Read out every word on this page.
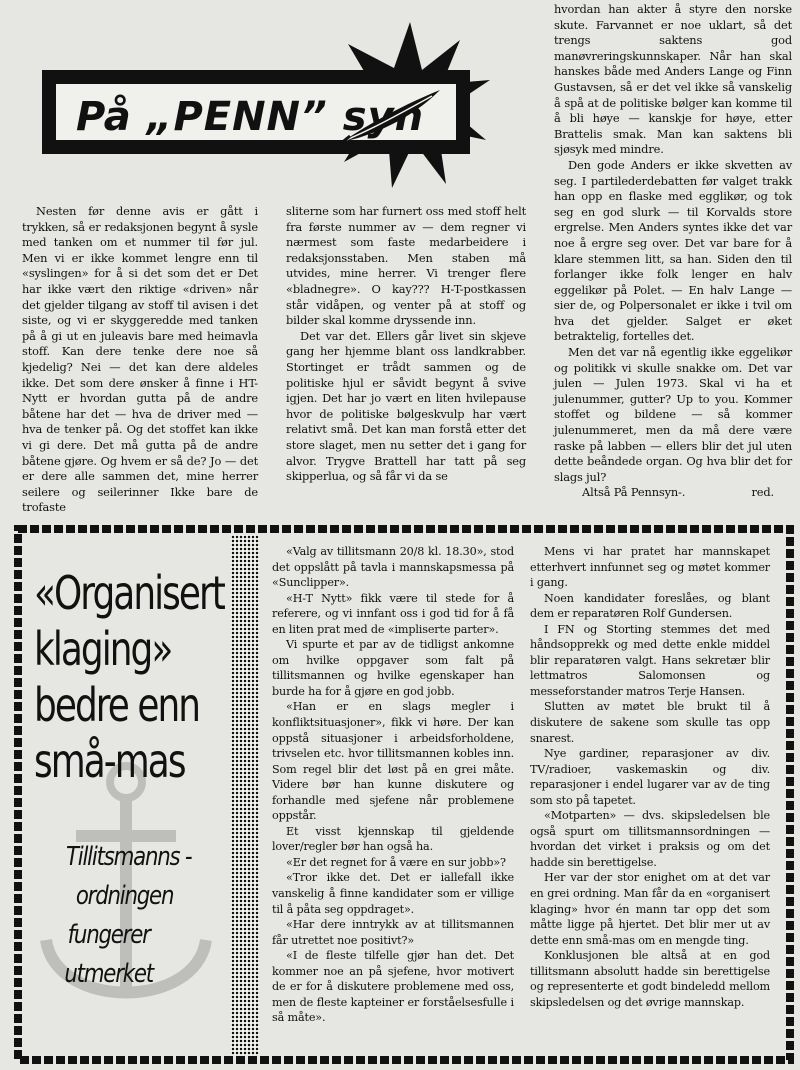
På „PENN” syn

Nesten før denne avis er gått i trykken, så er redaksjonen begynt å sysle med tanken om et nummer til før jul. Men vi er ikke kommet lengre enn til «syslingen» for å si det som det er Det har ikke vært den riktige «driven» når det gjelder tilgang av stoff til avisen i det siste, og vi er skyggeredde med tanken på å gi ut en juleavis bare med heimavla stoff. Kan dere tenke dere noe så kjedelig? Nei — det kan dere aldeles ikke. Det som dere ønsker å finne i HT-Nytt er hvordan gutta på de andre båtene har det — hva de driver med — hva de tenker på. Og det stoffet kan ikke vi gi dere. Det må gutta på de andre båtene gjøre. Og hvem er så de? Jo — det er dere alle sammen det, mine herrer seilere og seilerinner Ikke bare de trofaste

sliterne som har furnert oss med stoff helt fra første nummer av — dem regner vi nærmest som faste medarbeidere i redaksjonsstaben. Men staben må utvides, mine herrer. Vi trenger flere «bladnegre». O kay??? H-T-postkassen står vidåpen, og venter på at stoff og bilder skal komme dryssende inn.

Det var det. Ellers går livet sin skjeve gang her hjemme blant oss landkrabber. Stortinget er trådt sammen og de politiske hjul er såvidt begynt å svive igjen. Det har jo vært en liten hvilepause hvor de politiske bølgeskvulp har vært relativt små. Det kan man forstå etter det store slaget, men nu setter det i gang for alvor. Trygve Brattell har tatt på seg skipperlua, og så får vi da se

hvordan han akter å styre den norske skute. Farvannet er noe uklart, så det trengs saktens god manøvreringskunnskaper. Når han skal hanskes både med Anders Lange og Finn Gustavsen, så er det vel ikke så vanskelig å spå at de politiske bølger kan komme til å bli høye — kanskje for høye, etter Brattelis smak. Man kan saktens bli sjøsyk med mindre.

Den gode Anders er ikke skvetten av seg. I partilederdebatten før valget trakk han opp en flaske med egglikør, og tok seg en god slurk — til Korvalds store ergrelse. Men Anders syntes ikke det var noe å ergre seg over. Det var bare for å klare stemmen litt, sa han. Siden den til forlanger ikke folk lenger en halv eggelikør på Polet. — En halv Lange — sier de, og Polpersonalet er ikke i tvil om hva det gjelder. Salget er øket betraktelig, fortelles det.

Men det var nå egentlig ikke eggelikør og politikk vi skulle snakke om. Det var julen — Julen 1973. Skal vi ha et julenummer, gutter? Up to you. Kommer stoffet og bildene — så kommer julenummeret, men da må dere være raske på labben — ellers blir det jul uten dette beåndede organ. Og hva blir det for slags jul?

Altså På Pennsyn-.	red.

«Organisert
klaging»
bedre enn
små-mas
Tillitsmanns -
ordningen
fungerer
utmerket

«Valg av tillitsmann 20/8 kl. 18.30», stod det oppslått på tavla i mannskapsmessa på «Sunclipper».

«H-T Nytt» fikk være til stede for å referere, og vi innfant oss i god tid for å få en liten prat med de «impliserte parter».

Vi spurte et par av de tidligst ankomne om hvilke oppgaver som falt på tillitsmannen og hvilke egenskaper han burde ha for å gjøre en god jobb.

«Han er en slags megler i konfliktsituasjoner», fikk vi høre. Der kan oppstå situasjoner i arbeidsforholdene, trivselen etc. hvor tillitsmannen kobles inn. Som regel blir det løst på en grei måte. Videre bør han kunne diskutere og forhandle med sjefene når problemene oppstår.

Et visst kjennskap til gjeldende lover/regler bør han også ha.

«Er det regnet for å være en sur jobb»?

«Tror ikke det. Det er iallefall ikke vanskelig å finne kandidater som er villige til å påta seg oppdraget».

«Har dere inntrykk av at tillitsmannen får utrettet noe positivt?»

«I de fleste tilfelle gjør han det. Det kommer noe an på sjefene, hvor motivert de er for å diskutere problemene med oss, men de fleste kapteiner er forståelsesfulle i så måte».

Mens vi har pratet har mannskapet etterhvert innfunnet seg og møtet kommer i gang.

Noen kandidater foreslåes, og blant dem er reparatøren Rolf Gundersen.

I FN og Storting stemmes det med håndsopprekk og med dette enkle middel blir reparatøren valgt. Hans sekretær blir lettmatros Salomonsen og messeforstander matros Terje Hansen.

Slutten av møtet ble brukt til å diskutere de sakene som skulle tas opp snarest.

Nye gardiner, reparasjoner av div. TV/radioer, vaskemaskin og div. reparasjoner i endel lugarer var av de ting som sto på tapetet.

«Motparten» — dvs. skipsledelsen ble også spurt om tillitsmannsordningen — hvordan det virket i praksis og om det hadde sin berettigelse.

Her var der stor enighet om at det var en grei ordning. Man får da en «organisert klaging» hvor én mann tar opp det som måtte ligge på hjertet. Det blir mer ut av dette enn små-mas om en mengde ting.

Konklusjonen ble altså at en god tillitsmann absolutt hadde sin berettigelse og representerte et godt bindeledd mellom skipsledelsen og det øvrige mannskap.
